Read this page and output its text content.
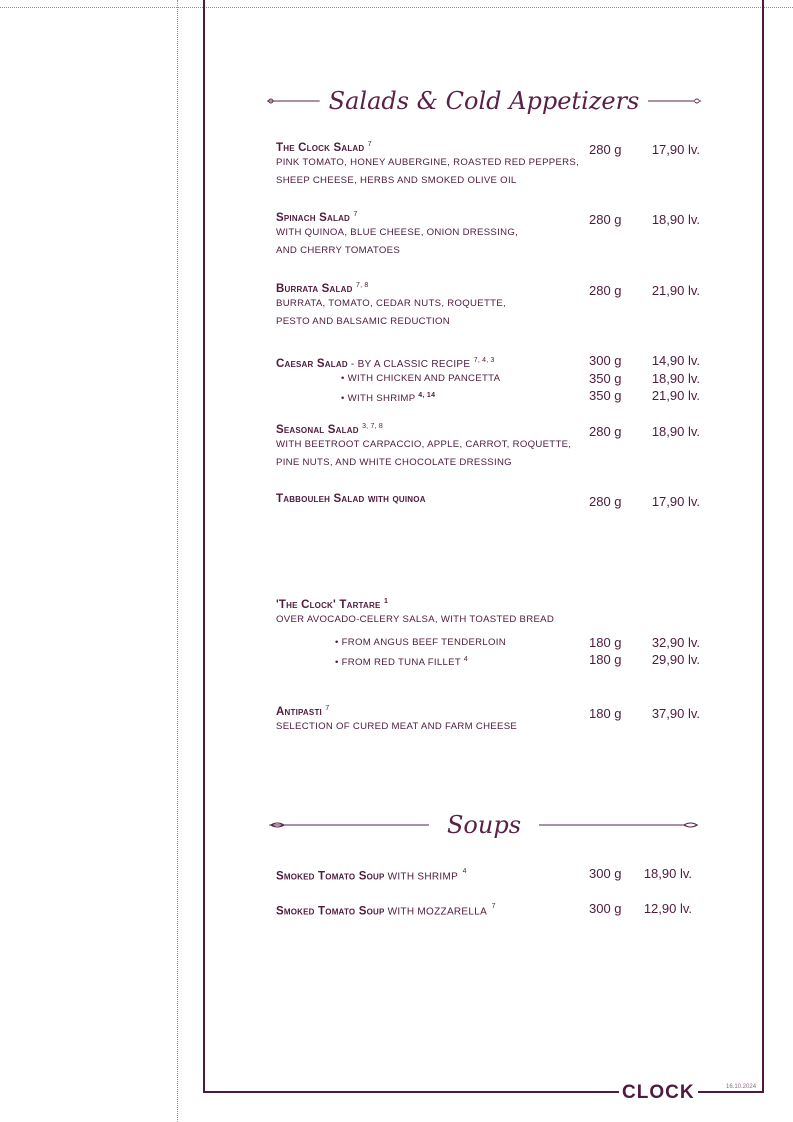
Salads & Cold Appetizers
The Clock Salad $^7$
PINK TOMATO, HONEY AUBERGINE, ROASTED RED PEPPERS,
SHEEP CHEESE, HERBS AND SMOKED OLIVE OIL
280 g	17,90 lv.
Spinach Salad $^7$
WITH QUINOA, BLUE CHEESE, ONION DRESSING,
AND CHERRY TOMATOES
280 g	18,90 lv.
Burrata Salad $^{7, 8}$
BURRATA, TOMATO, CEDAR NUTS, ROQUETTE,
PESTO AND BALSAMIC REDUCTION
280 g	21,90 lv.
Caesar Salad - BY A CLASSIC RECIPE $^{7, 4, 3}$	300 g	14,90 lv.
• WITH CHICKEN AND PANCETTA	350 g	18,90 lv.
• WITH SHRIMP $^{4, 14}$	350 g	21,90 lv.
Seasonal Salad $^{3, 7, 8}$
WITH BEETROOT CARPACCIO, APPLE, CARROT, ROQUETTE,
PINE NUTS, AND WHITE CHOCOLATE DRESSING
280 g	18,90 lv.
Tabbouleh Salad with quinoa	280 g	17,90 lv.
'The Clock' Tartare $^1$
OVER AVOCADO-CELERY SALSA, WITH TOASTED BREAD
• FROM ANGUS BEEF TENDERLOIN	180 g	32,90 lv.
• FROM RED TUNA FILLET $^4$	180 g	29,90 lv.
Antipasti $^7$
SELECTION OF CURED MEAT AND FARM CHEESE
180 g	37,90 lv.
Soups
Smoked Tomato Soup WITH SHRIMP $^4$	300 g	18,90 lv.
Smoked Tomato Soup WITH MOZZARELLA $^7$	300 g	12,90 lv.
CLOCK	16.10.2024
